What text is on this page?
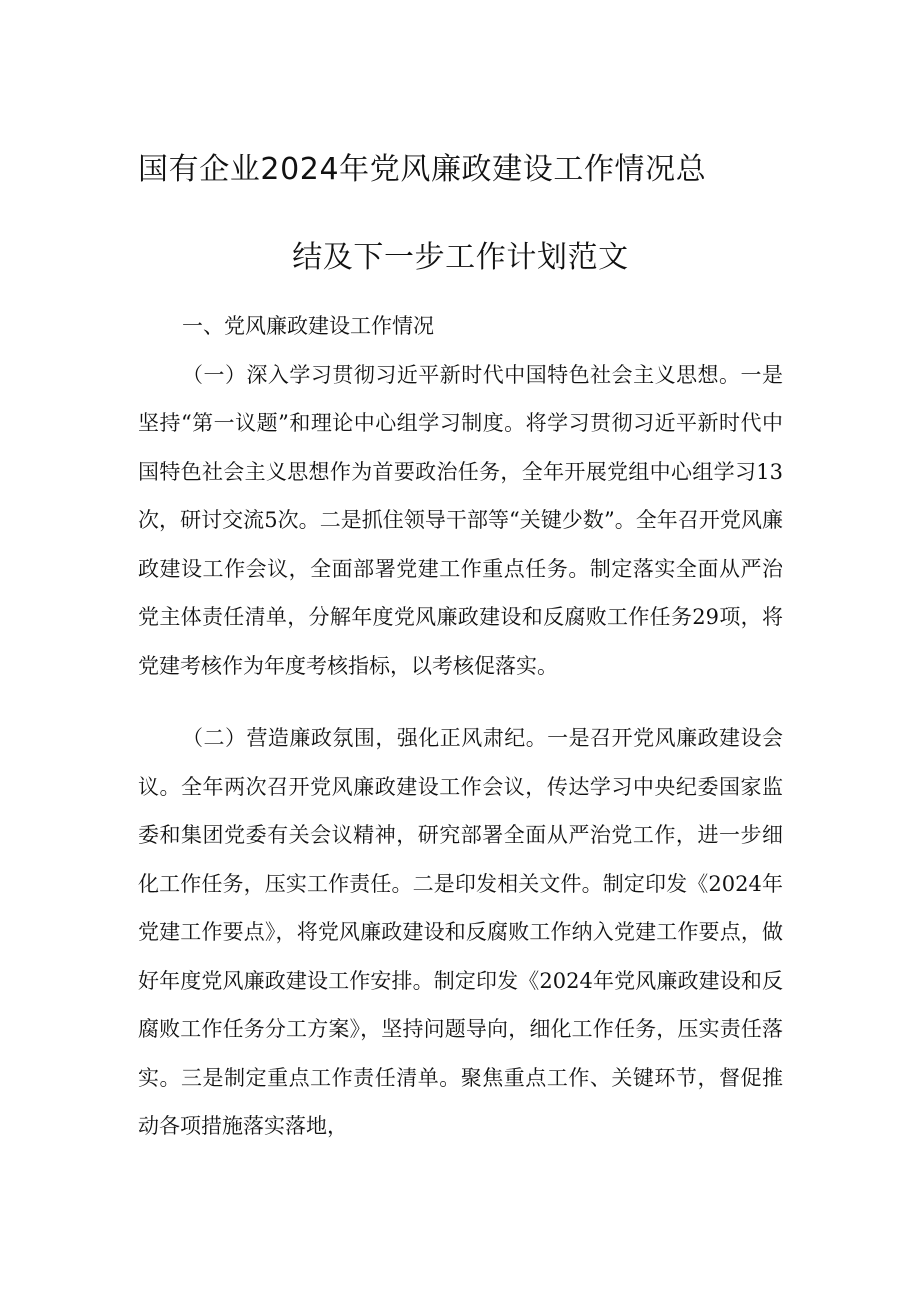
国有企业2024年党风廉政建设工作情况总
结及下一步工作计划范文

一、党风廉政建设工作情况

（一）深入学习贯彻习近平新时代中国特色社会主义思想。一是坚持“第一议题”和理论中心组学习制度。将学习贯彻习近平新时代中国特色社会主义思想作为首要政治任务，全年开展党组中心组学习13次，研讨交流5次。二是抓住领导干部等“关键少数”。全年召开党风廉政建设工作会议，全面部署党建工作重点任务。制定落实全面从严治党主体责任清单，分解年度党风廉政建设和反腐败工作任务29项，将党建考核作为年度考核指标，以考核促落实。

（二）营造廉政氛围，强化正风肃纪。一是召开党风廉政建设会议。全年两次召开党风廉政建设工作会议，传达学习中央纪委国家监委和集团党委有关会议精神，研究部署全面从严治党工作，进一步细化工作任务，压实工作责任。二是印发相关文件。制定印发《2024年党建工作要点》，将党风廉政建设和反腐败工作纳入党建工作要点，做好年度党风廉政建设工作安排。制定印发《2024年党风廉政建设和反腐败工作任务分工方案》，坚持问题导向，细化工作任务，压实责任落实。三是制定重点工作责任清单。聚焦重点工作、关键环节，督促推动各项措施落实落地，
